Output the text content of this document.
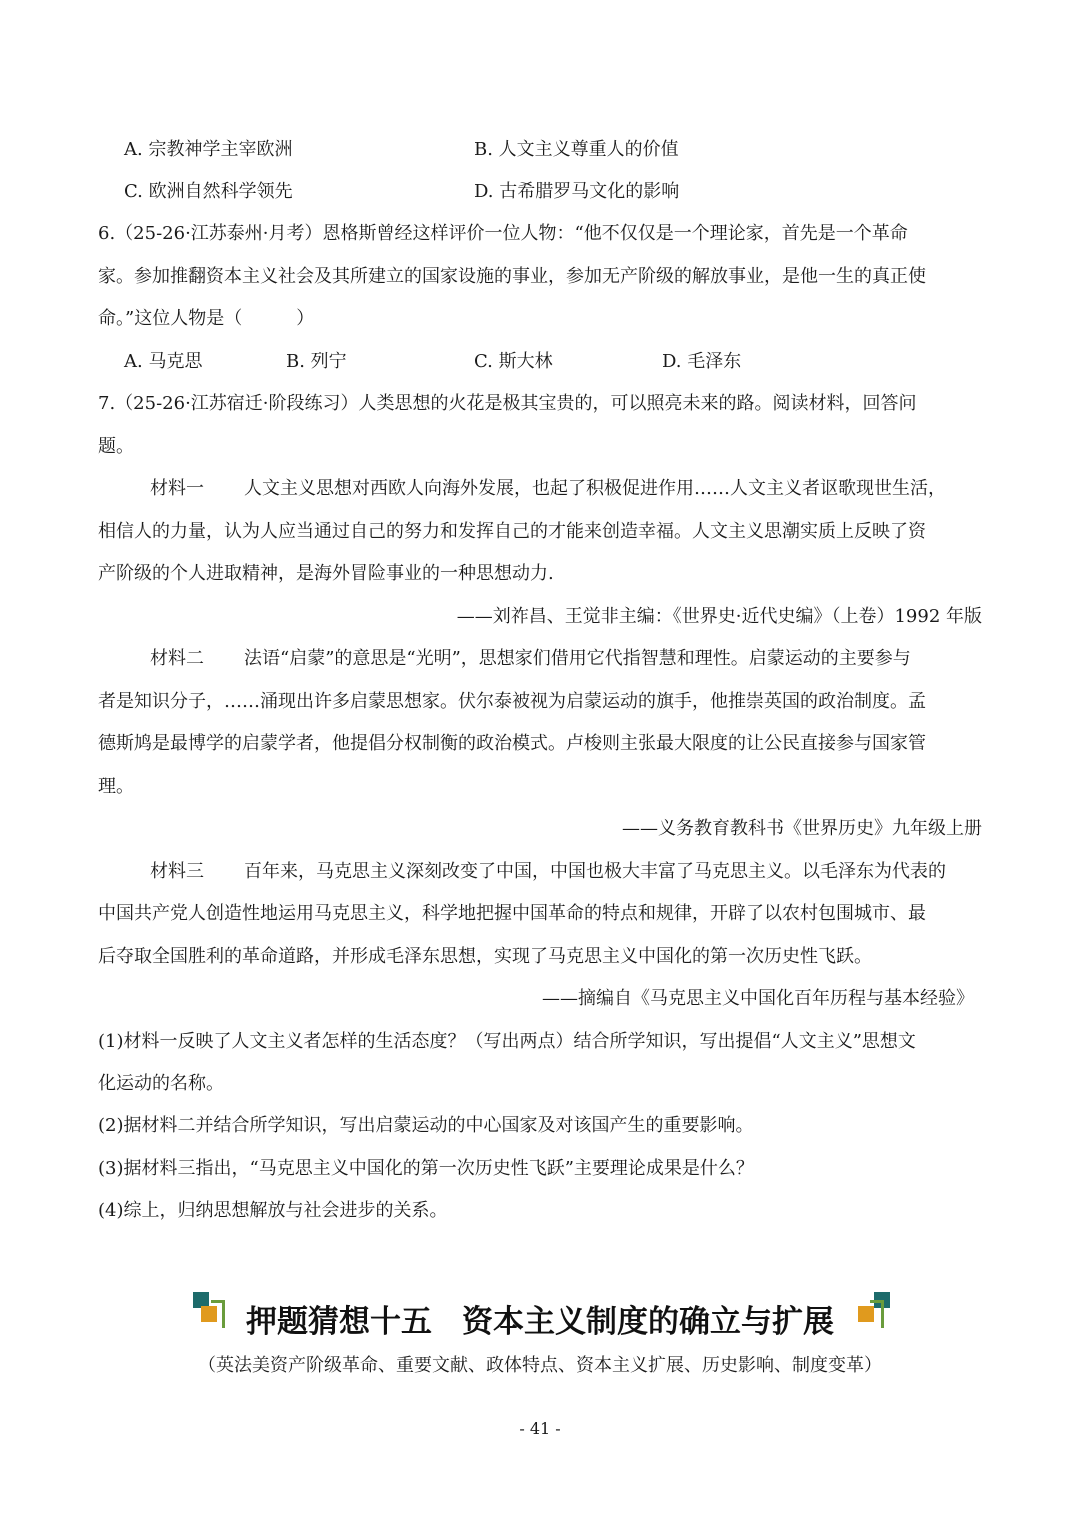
A. 宗教神学主宰欧洲	B. 人文主义尊重人的价值
C. 欧洲自然科学领先	D. 古希腊罗马文化的影响
6.（25-26·江苏泰州·月考）恩格斯曾经这样评价一位人物：“他不仅仅是一个理论家，首先是一个革命
家。参加推翻资本主义社会及其所建立的国家设施的事业，参加无产阶级的解放事业，是他一生的真正使
命。”这位人物是（　　　）
A. 马克思	B. 列宁	C. 斯大林	D. 毛泽东
7.（25-26·江苏宿迁·阶段练习）人类思想的火花是极其宝贵的，可以照亮未来的路。阅读材料，回答问
题。
材料一 人文主义思想对西欧人向海外发展，也起了积极促进作用……人文主义者讴歌现世生活，
相信人的力量，认为人应当通过自己的努力和发挥自己的才能来创造幸福。人文主义思潮实质上反映了资
产阶级的个人进取精神，是海外冒险事业的一种思想动力.
——刘祚昌、王觉非主编：《世界史·近代史编》（上卷）1992 年版
材料二 法语“启蒙”的意思是“光明”，思想家们借用它代指智慧和理性。启蒙运动的主要参与
者是知识分子，……涌现出许多启蒙思想家。伏尔泰被视为启蒙运动的旗手，他推崇英国的政治制度。孟
德斯鸠是最博学的启蒙学者，他提倡分权制衡的政治模式。卢梭则主张最大限度的让公民直接参与国家管
理。
——义务教育教科书《世界历史》九年级上册
材料三 百年来，马克思主义深刻改变了中国，中国也极大丰富了马克思主义。以毛泽东为代表的
中国共产党人创造性地运用马克思主义，科学地把握中国革命的特点和规律，开辟了以农村包围城市、最
后夺取全国胜利的革命道路，并形成毛泽东思想，实现了马克思主义中国化的第一次历史性飞跃。
——摘编自《马克思主义中国化百年历程与基本经验》
(1)材料一反映了人文主义者怎样的生活态度？（写出两点）结合所学知识，写出提倡“人文主义”思想文
化运动的名称。
(2)据材料二并结合所学知识，写出启蒙运动的中心国家及对该国产生的重要影响。
(3)据材料三指出，“马克思主义中国化的第一次历史性飞跃”主要理论成果是什么？
(4)综上，归纳思想解放与社会进步的关系。
押题猜想十五 资本主义制度的确立与扩展
（英法美资产阶级革命、重要文献、政体特点、资本主义扩展、历史影响、制度变革）
- 41 -
